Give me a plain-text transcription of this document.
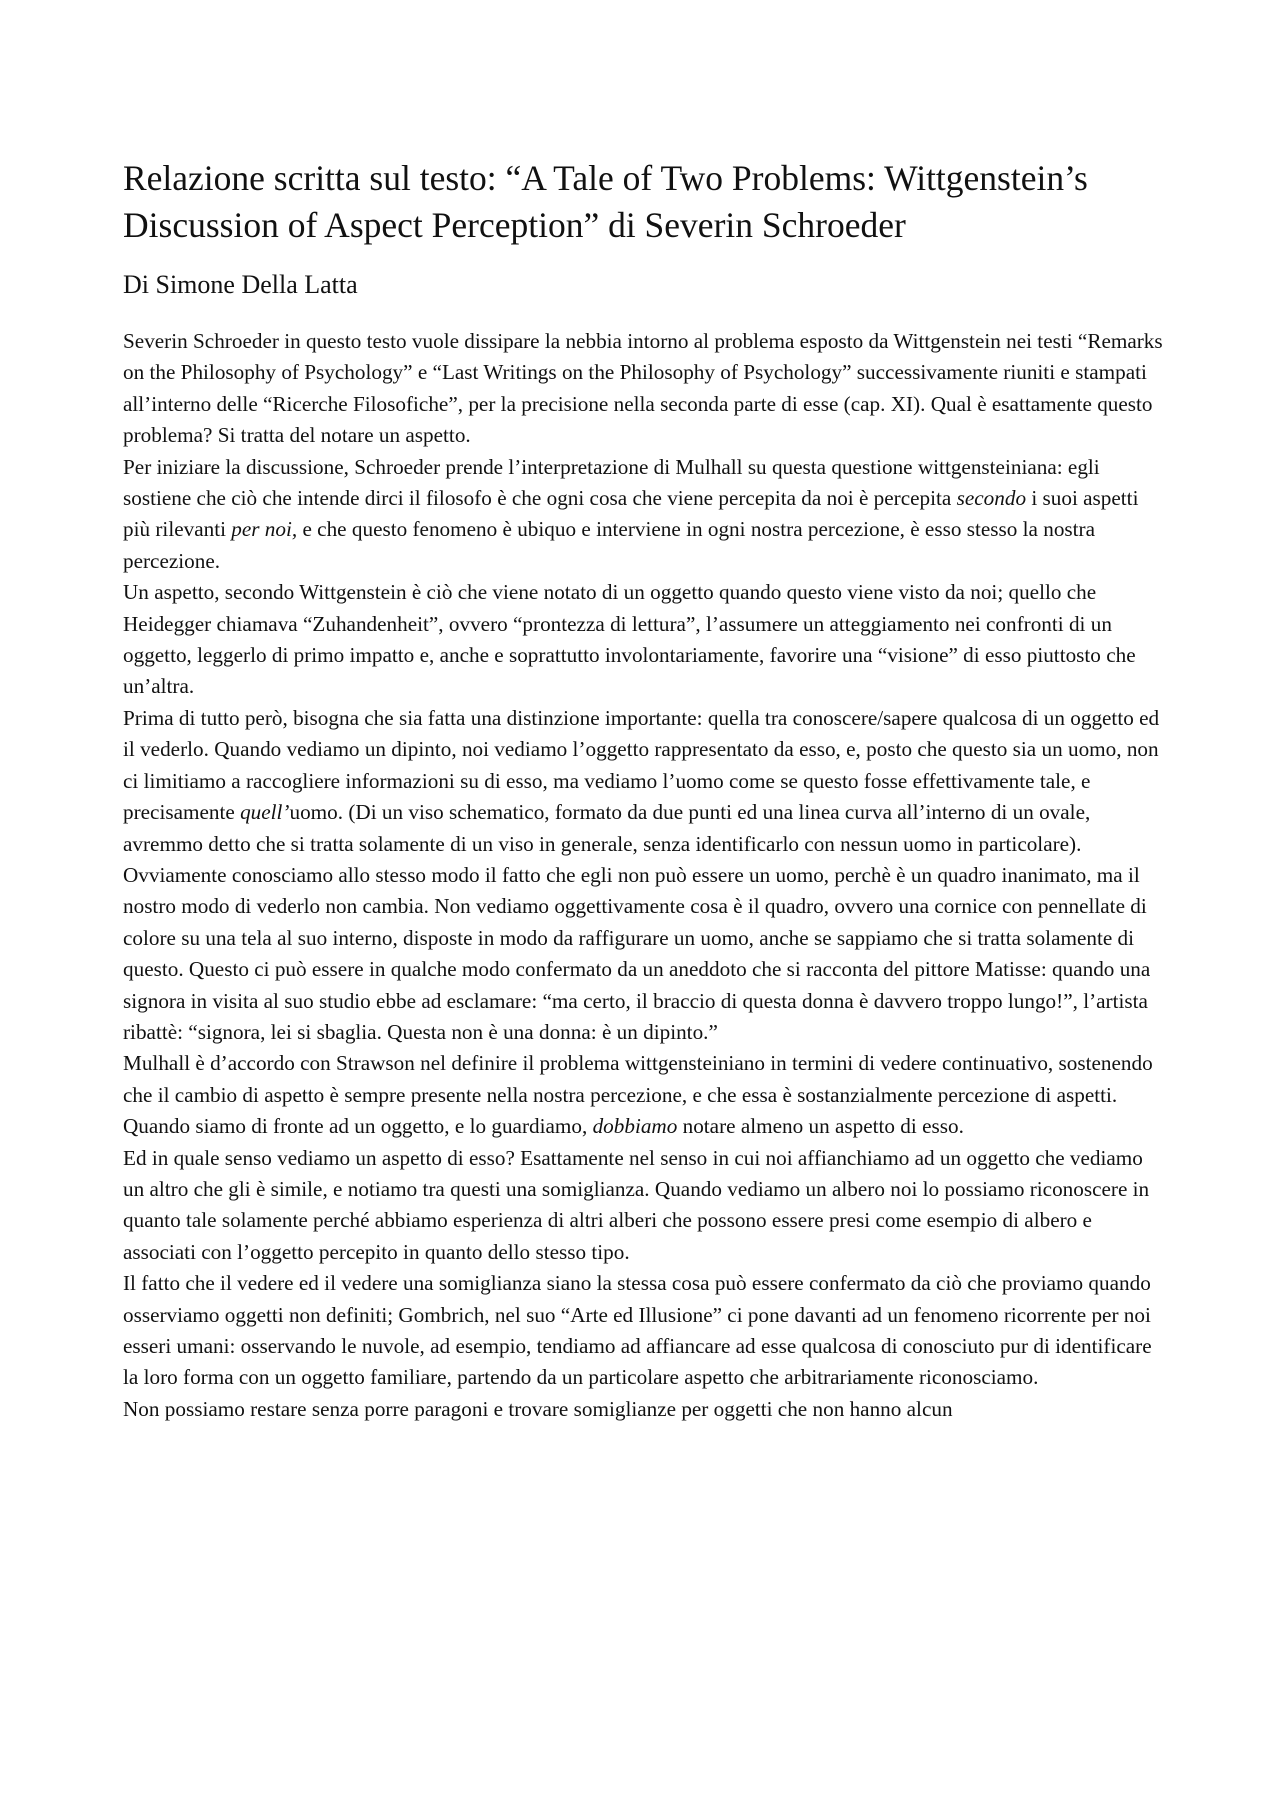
Relazione scritta sul testo: “A Tale of Two Problems: Wittgenstein’s Discussion of Aspect Perception” di Severin Schroeder
Di Simone Della Latta

Severin Schroeder in questo testo vuole dissipare la nebbia intorno al problema esposto da Wittgenstein nei testi “Remarks on the Philosophy of Psychology” e “Last Writings on the Philosophy of Psychology” successivamente riuniti e stampati all’interno delle “Ricerche Filosofiche”, per la precisione nella seconda parte di esse (cap. XI). Qual è esattamente questo problema? Si tratta del notare un aspetto.

Per iniziare la discussione, Schroeder prende l’interpretazione di Mulhall su questa questione wittgensteiniana: egli sostiene che ciò che intende dirci il filosofo è che ogni cosa che viene percepita da noi è percepita secondo i suoi aspetti più rilevanti per noi, e che questo fenomeno è ubiquo e interviene in ogni nostra percezione, è esso stesso la nostra percezione.

Un aspetto, secondo Wittgenstein è ciò che viene notato di un oggetto quando questo viene visto da noi; quello che Heidegger chiamava “Zuhandenheit”, ovvero “prontezza di lettura”, l’assumere un atteggiamento nei confronti di un oggetto, leggerlo di primo impatto e, anche e soprattutto involontariamente, favorire una “visione” di esso piuttosto che un’altra.

Prima di tutto però, bisogna che sia fatta una distinzione importante: quella tra conoscere/sapere qualcosa di un oggetto ed il vederlo. Quando vediamo un dipinto, noi vediamo l’oggetto rappresentato da esso, e, posto che questo sia un uomo, non ci limitiamo a raccogliere informazioni su di esso, ma vediamo l’uomo come se questo fosse effettivamente tale, e precisamente quell’uomo. (Di un viso schematico, formato da due punti ed una linea curva all’interno di un ovale, avremmo detto che si tratta solamente di un viso in generale, senza identificarlo con nessun uomo in particolare). Ovviamente conosciamo allo stesso modo il fatto che egli non può essere un uomo, perchè è un quadro inanimato, ma il nostro modo di vederlo non cambia. Non vediamo oggettivamente cosa è il quadro, ovvero una cornice con pennellate di colore su una tela al suo interno, disposte in modo da raffigurare un uomo, anche se sappiamo che si tratta solamente di questo. Questo ci può essere in qualche modo confermato da un aneddoto che si racconta del pittore Matisse: quando una signora in visita al suo studio ebbe ad esclamare: “ma certo, il braccio di questa donna è davvero troppo lungo!”, l’artista ribattè: “signora, lei si sbaglia. Questa non è una donna: è un dipinto.”

Mulhall è d’accordo con Strawson nel definire il problema wittgensteiniano in termini di vedere continuativo, sostenendo che il cambio di aspetto è sempre presente nella nostra percezione, e che essa è sostanzialmente percezione di aspetti. Quando siamo di fronte ad un oggetto, e lo guardiamo, dobbiamo notare almeno un aspetto di esso.

Ed in quale senso vediamo un aspetto di esso? Esattamente nel senso in cui noi affianchiamo ad un oggetto che vediamo un altro che gli è simile, e notiamo tra questi una somiglianza. Quando vediamo un albero noi lo possiamo riconoscere in quanto tale solamente perché abbiamo esperienza di altri alberi che possono essere presi come esempio di albero e associati con l’oggetto percepito in quanto dello stesso tipo.

Il fatto che il vedere ed il vedere una somiglianza siano la stessa cosa può essere confermato da ciò che proviamo quando osserviamo oggetti non definiti; Gombrich, nel suo “Arte ed Illusione” ci pone davanti ad un fenomeno ricorrente per noi esseri umani: osservando le nuvole, ad esempio, tendiamo ad affiancare ad esse qualcosa di conosciuto pur di identificare la loro forma con un oggetto familiare, partendo da un particolare aspetto che arbitrariamente riconosciamo.

Non possiamo restare senza porre paragoni e trovare somiglianze per oggetti che non hanno alcun
